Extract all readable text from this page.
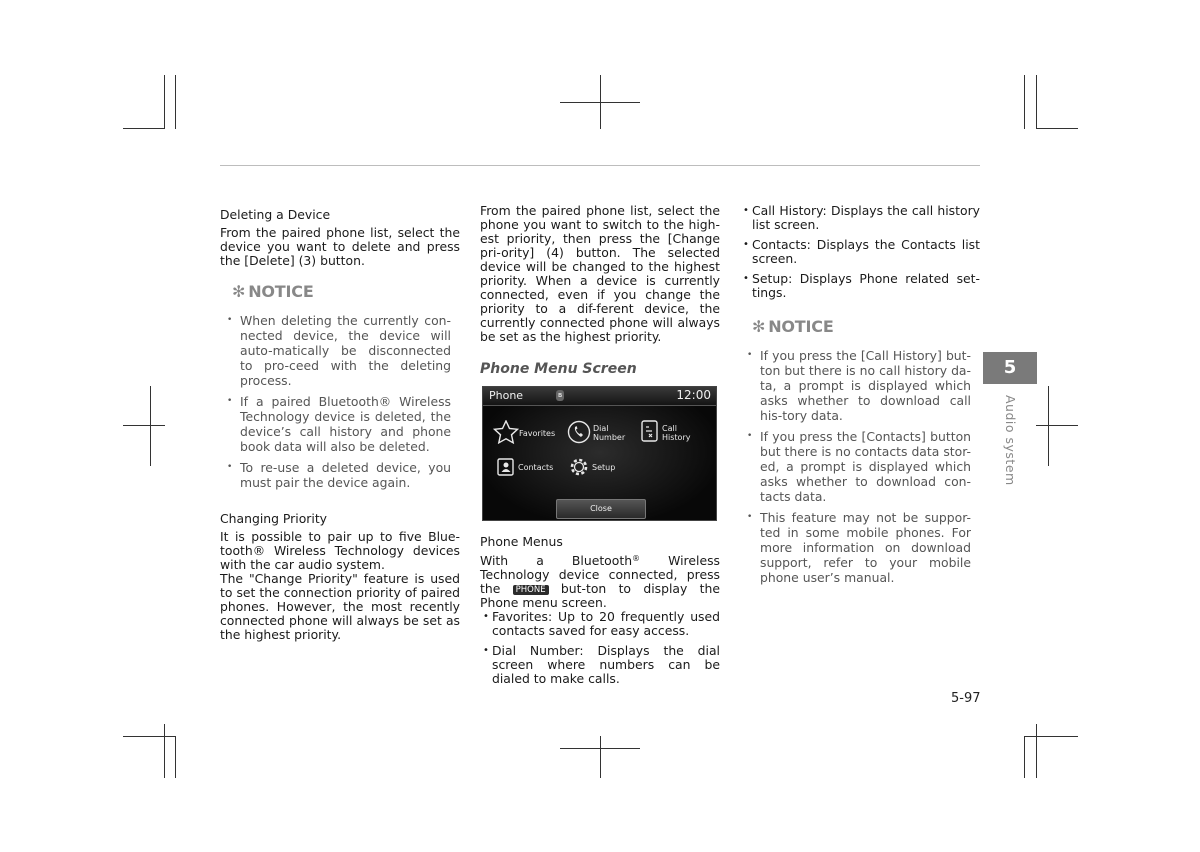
Deleting a Device

From the paired phone list, select the device you want to delete and press the [Delete] (3) button.

✻ NOTICE

• When deleting the currently con-nected device, the device will auto-matically be disconnected to pro-ceed with the deleting process.
• If a paired Bluetooth® Wireless Technology device is deleted, the device’s call history and phone book data will also be deleted.
• To re-use a deleted device, you must pair the device again.

Changing Priority

It is possible to pair up to five Blue-tooth® Wireless Technology devices with the car audio system.

The "Change Priority" feature is used to set the connection priority of paired phones. However, the most recently connected phone will always be set as the highest priority.

From the paired phone list, select the phone you want to switch to the high-est priority, then press the [Change pri-ority] (4) button. The selected device will be changed to the highest priority. When a device is currently connected, even if you change the priority to a dif-ferent device, the currently connected phone will always be set as the highest priority.

Phone Menu Screen

Phone	ʙ	12:00
Favorites
Dial
Number
Call
History
Contacts	Setup
Close

Phone Menus

With a Bluetooth® Wireless Technology device connected, press the PHONE but-ton to display the Phone menu screen.

• Favorites: Up to 20 frequently used contacts saved for easy access.
• Dial Number: Displays the dial screen where numbers can be dialed to make calls.
• Call History: Displays the call history list screen.
• Contacts: Displays the Contacts list screen.
• Setup: Displays Phone related set-tings.

✻ NOTICE

• If you press the [Call History] but-ton but there is no call history da-ta, a prompt is displayed which asks whether to download call his-tory data.
• If you press the [Contacts] button but there is no contacts data stor-ed, a prompt is displayed which asks whether to download con-tacts data.
• This feature may not be suppor-ted in some mobile phones. For more information on download support, refer to your mobile phone user’s manual.
5
Audio system
5-97
